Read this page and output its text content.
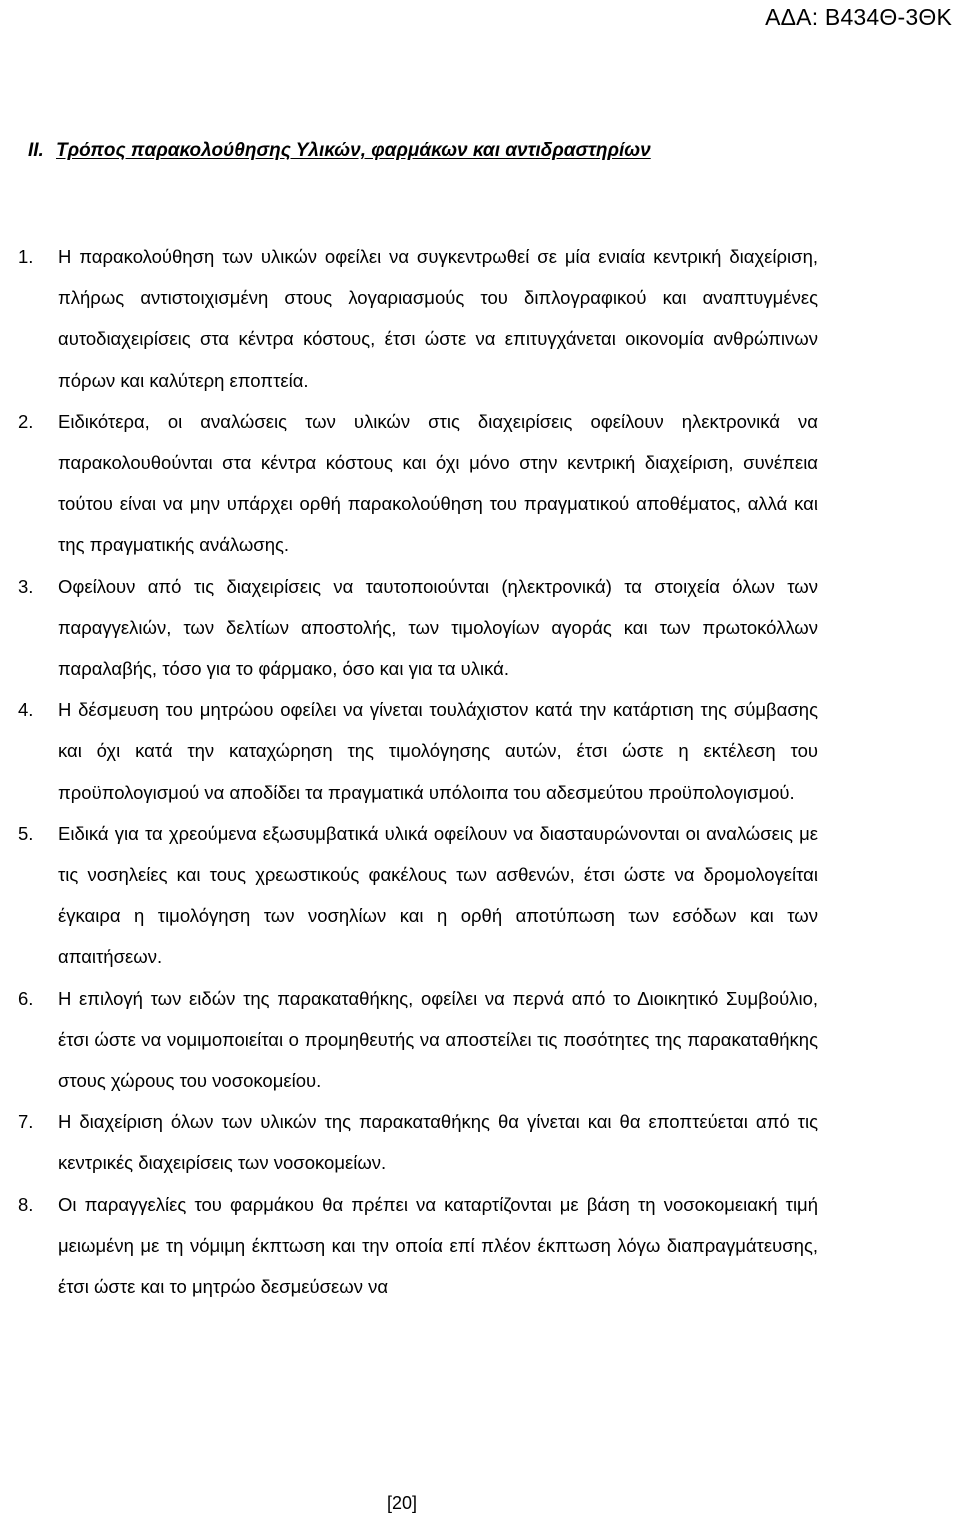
ΑΔΑ: Β434Θ-3ΘΚ
II. Τρόπος παρακολούθησης Υλικών, φαρμάκων και αντιδραστηρίων
1.	Η παρακολούθηση των υλικών οφείλει να συγκεντρωθεί σε μία ενιαία κεντρική διαχείριση, πλήρως αντιστοιχισμένη στους λογαριασμούς του διπλογραφικού και αναπτυγμένες αυτοδιαχειρίσεις στα κέντρα κόστους, έτσι ώστε να επιτυγχάνεται οικονομία ανθρώπινων πόρων και καλύτερη εποπτεία.
2.	Ειδικότερα, οι αναλώσεις των υλικών στις διαχειρίσεις οφείλουν ηλεκτρονικά να παρακολουθούνται στα κέντρα κόστους και όχι μόνο στην κεντρική διαχείριση, συνέπεια τούτου είναι να μην υπάρχει ορθή παρακολούθηση του πραγματικού αποθέματος, αλλά και της πραγματικής ανάλωσης.
3.	Οφείλουν από τις διαχειρίσεις να ταυτοποιούνται (ηλεκτρονικά) τα στοιχεία όλων των παραγγελιών, των δελτίων αποστολής, των τιμολογίων αγοράς και των πρωτοκόλλων παραλαβής, τόσο για το φάρμακο, όσο και για τα υλικά.
4.	Η δέσμευση του μητρώου οφείλει να γίνεται τουλάχιστον κατά την κατάρτιση της σύμβασης και όχι κατά την καταχώρηση της τιμολόγησης αυτών, έτσι ώστε η εκτέλεση του προϋπολογισμού να αποδίδει τα πραγματικά υπόλοιπα του αδεσμεύτου προϋπολογισμού.
5.	Ειδικά για τα χρεούμενα εξωσυμβατικά υλικά οφείλουν να διασταυρώνονται οι αναλώσεις με τις νοσηλείες και τους χρεωστικούς φακέλους των ασθενών, έτσι ώστε να δρομολογείται έγκαιρα η τιμολόγηση των νοσηλίων και η ορθή αποτύπωση των εσόδων και των απαιτήσεων.
6.	Η επιλογή των ειδών της παρακαταθήκης, οφείλει να περνά από το Διοικητικό Συμβούλιο, έτσι ώστε να νομιμοποιείται ο προμηθευτής να αποστείλει τις ποσότητες της παρακαταθήκης στους χώρους του νοσοκομείου.
7.	Η διαχείριση όλων των υλικών της παρακαταθήκης θα γίνεται και θα εποπτεύεται από τις κεντρικές διαχειρίσεις των νοσοκομείων.
8.	Οι παραγγελίες του φαρμάκου θα πρέπει να καταρτίζονται με βάση τη νοσοκομειακή τιμή μειωμένη με τη νόμιμη έκπτωση και την οποία επί πλέον έκπτωση λόγω διαπραγμάτευσης, έτσι ώστε και το μητρώο δεσμεύσεων να
[20]
